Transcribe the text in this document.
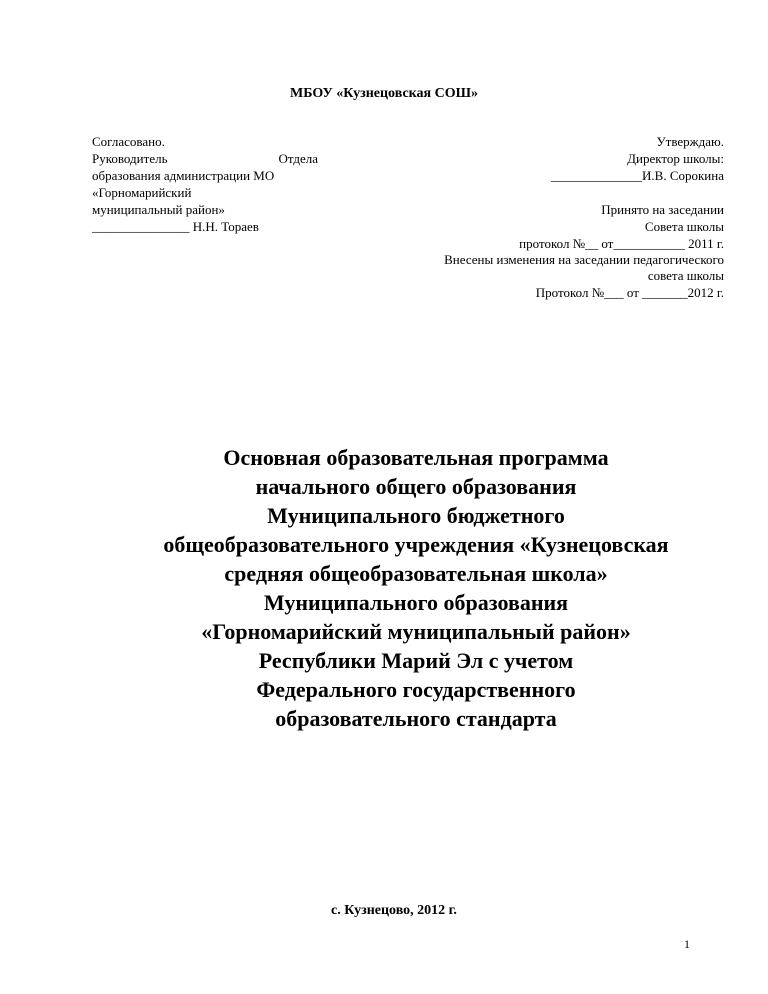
МБОУ «Кузнецовская СОШ»
Согласовано.
Руководитель	Отдела
образования администрации МО
«Горномарийский
муниципальный район»
_______________ Н.Н. Тораев
Утверждаю.
Директор школы:
______________И.В. Сорокина
Принято на заседании
Совета школы
протокол №__ от___________ 2011 г.
Внесены изменения на заседании педагогического
совета школы
Протокол №___ от _______2012 г.
Основная образовательная программа
начального общего образования
Муниципального бюджетного
общеобразовательного учреждения «Кузнецовская
средняя общеобразовательная школа»
Муниципального образования
«Горномарийский муниципальный район»
Республики Марий Эл с учетом
Федерального государственного
образовательного стандарта
с. Кузнецово, 2012 г.
1
